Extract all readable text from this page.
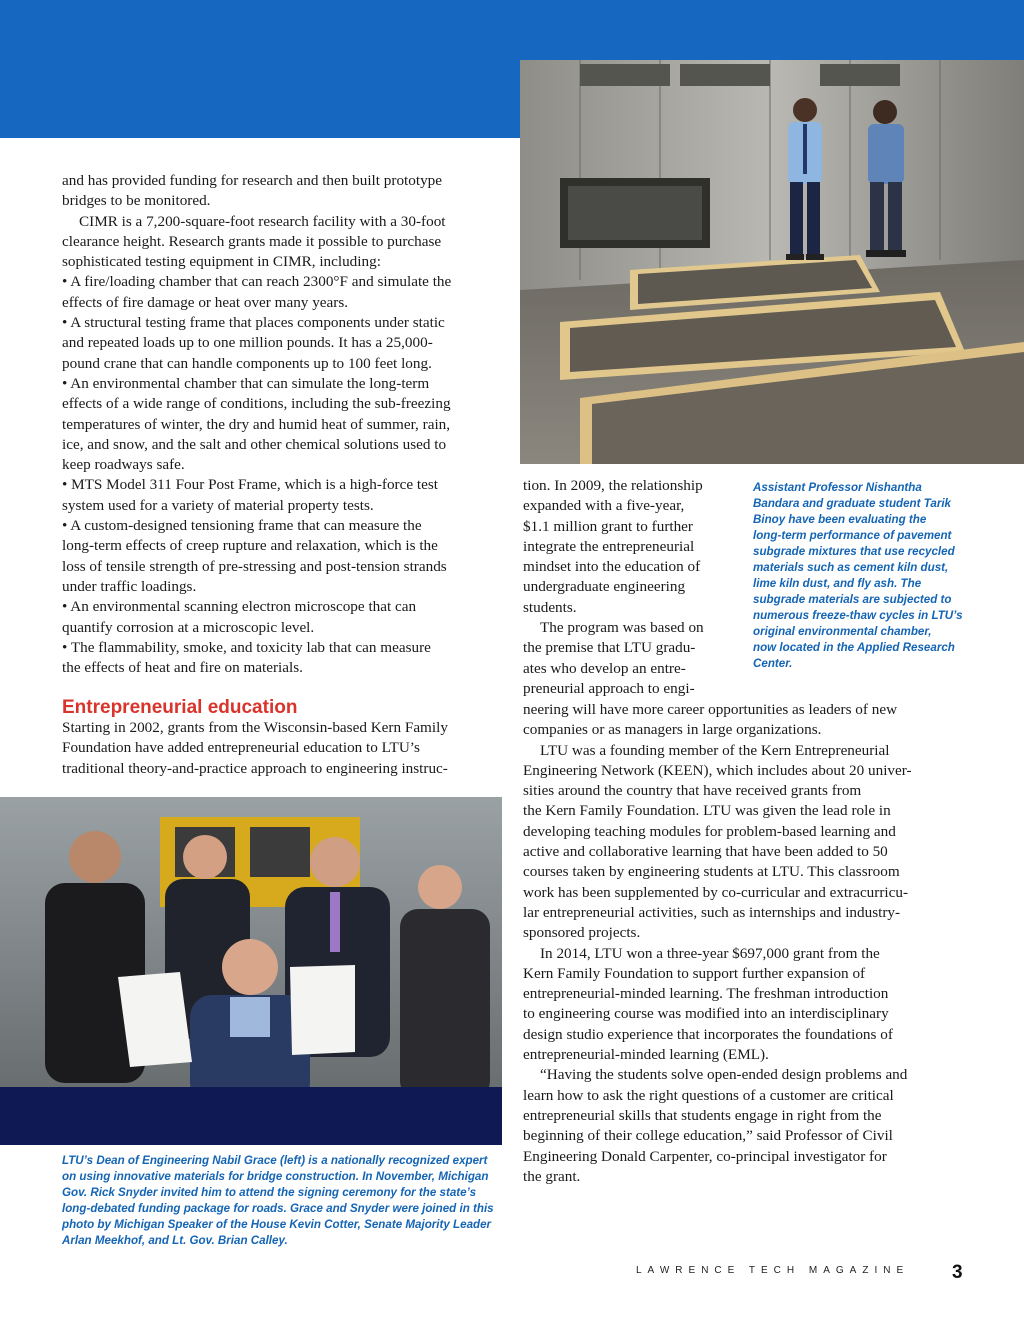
and has provided funding for research and then built prototype

bridges to be monitored.

CIMR is a 7,200-square-foot research facility with a 30-foot

clearance height. Research grants made it possible to purchase

sophisticated testing equipment in CIMR, including:

• A fire/loading chamber that can reach 2300°F and simulate the

effects of fire damage or heat over many years.

• A structural testing frame that places components under static

and repeated loads up to one million pounds. It has a 25,000-

pound crane that can handle components up to 100 feet long.

• An environmental chamber that can simulate the long-term

effects of a wide range of conditions, including the sub-freezing

temperatures of winter, the dry and humid heat of summer, rain,

ice, and snow, and the salt and other chemical solutions used to

keep roadways safe.

• MTS Model 311 Four Post Frame, which is a high-force test

system used for a variety of material property tests.

• A custom-designed tensioning frame that can measure the

long-term effects of creep rupture and relaxation, which is the

loss of tensile strength of pre-stressing and post-tension strands

under traffic loadings.

• An environmental scanning electron microscope that can

quantify corrosion at a microscopic level.

• The flammability, smoke, and toxicity lab that can measure

the effects of heat and fire on materials.

Entrepreneurial education

Starting in 2002, grants from the Wisconsin-based Kern Family

Foundation have added entrepreneurial education to LTU’s

traditional theory-and-practice approach to engineering instruc-

tion. In 2009, the relationship

expanded with a five-year,

$1.1 million grant to further

integrate the entrepreneurial

mindset into the education of

undergraduate engineering

students.

The program was based on

the premise that LTU gradu-

ates who develop an entre-

preneurial approach to engi-

neering will have more career opportunities as leaders of new

companies or as managers in large organizations.

LTU was a founding member of the Kern Entrepreneurial

Engineering Network (KEEN), which includes about 20 univer-

sities around the country that have received grants from

the Kern Family Foundation. LTU was given the lead role in

developing teaching modules for problem-based learning and

active and collaborative learning that have been added to 50

courses taken by engineering students at LTU. This classroom

work has been supplemented by co-curricular and extracurricu-

lar entrepreneurial activities, such as internships and industry-

sponsored projects.

In 2014, LTU won a three-year $697,000 grant from the

Kern Family Foundation to support further expansion of

entrepreneurial-minded learning. The freshman introduction

to engineering course was modified into an interdisciplinary

design studio experience that incorporates the foundations of

entrepreneurial-minded learning (EML).

“Having the students solve open-ended design problems and

learn how to ask the right questions of a customer are critical

entrepreneurial skills that students engage in right from the

beginning of their college education,” said Professor of Civil

Engineering Donald Carpenter, co-principal investigator for

the grant.

Assistant Professor Nishantha
Bandara and graduate student Tarik
Binoy have been evaluating the
long-term performance of pavement
subgrade mixtures that use recycled
materials such as cement kiln dust,
lime kiln dust, and fly ash. The
subgrade materials are subjected to
numerous freeze-thaw cycles in LTU’s
original environmental chamber,
now located in the Applied Research
Center.
LTU’s Dean of Engineering Nabil Grace (left) is a nationally recognized expert
on using innovative materials for bridge construction. In November, Michigan
Gov. Rick Snyder invited him to attend the signing ceremony for the state’s
long-debated funding package for roads. Grace and Snyder were joined in this
photo by Michigan Speaker of the House Kevin Cotter, Senate Majority Leader
Arlan Meekhof, and Lt. Gov. Brian Calley.
LAWRENCE TECH MAGAZINE 3
